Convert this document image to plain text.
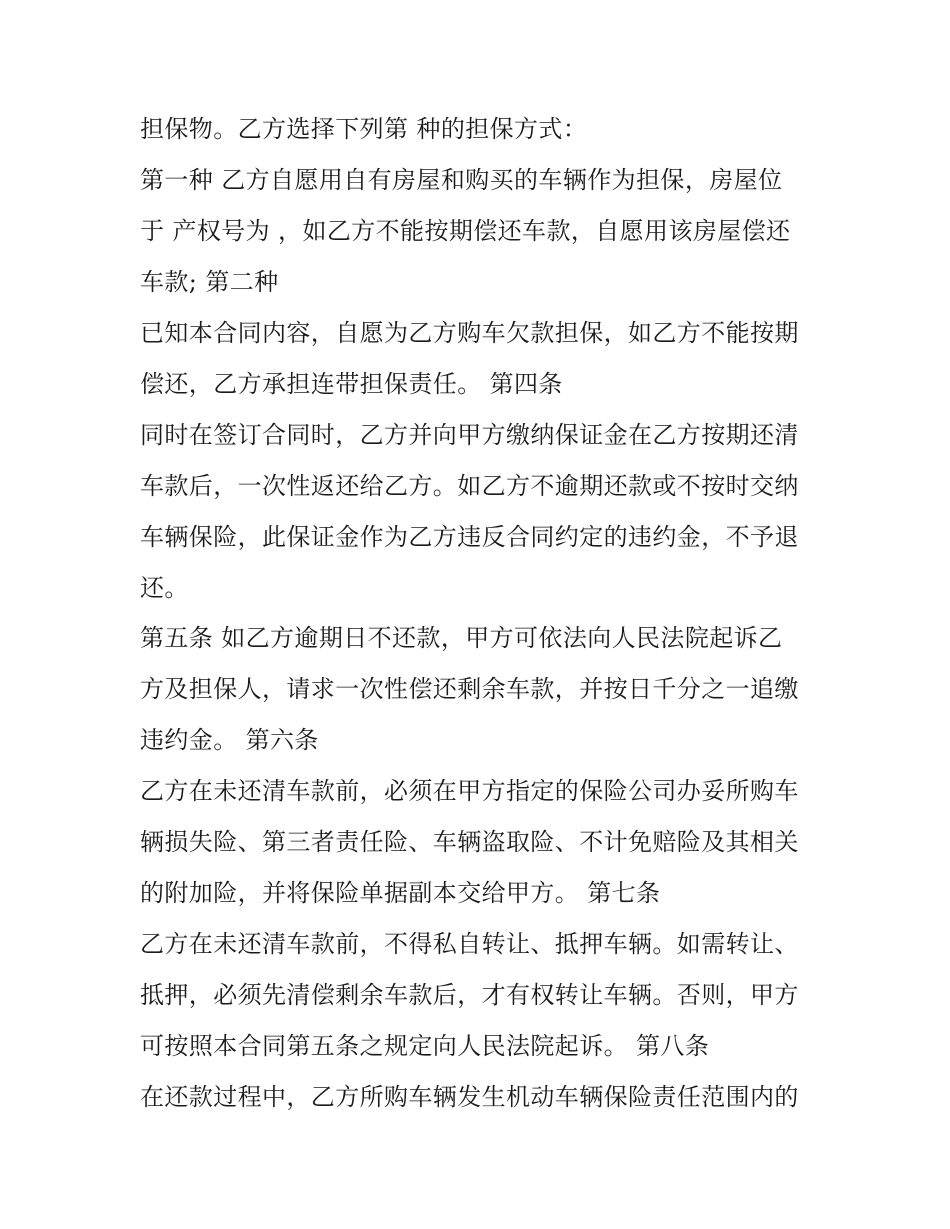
担保物。乙方选择下列第 种的担保方式：
第一种 乙方自愿用自有房屋和购买的车辆作为担保，房屋位
于 产权号为 ，如乙方不能按期偿还车款，自愿用该房屋偿还
车款; 第二种
已知本合同内容，自愿为乙方购车欠款担保，如乙方不能按期
偿还，乙方承担连带担保责任。 第四条
同时在签订合同时，乙方并向甲方缴纳保证金在乙方按期还清
车款后，一次性返还给乙方。如乙方不逾期还款或不按时交纳
车辆保险，此保证金作为乙方违反合同约定的违约金，不予退
还。
第五条 如乙方逾期日不还款，甲方可依法向人民法院起诉乙
方及担保人，请求一次性偿还剩余车款，并按日千分之一追缴
违约金。 第六条
乙方在未还清车款前，必须在甲方指定的保险公司办妥所购车
辆损失险、第三者责任险、车辆盗取险、不计免赔险及其相关
的附加险，并将保险单据副本交给甲方。 第七条
乙方在未还清车款前，不得私自转让、抵押车辆。如需转让、
抵押，必须先清偿剩余车款后，才有权转让车辆。否则，甲方
可按照本合同第五条之规定向人民法院起诉。 第八条
在还款过程中，乙方所购车辆发生机动车辆保险责任范围内的
